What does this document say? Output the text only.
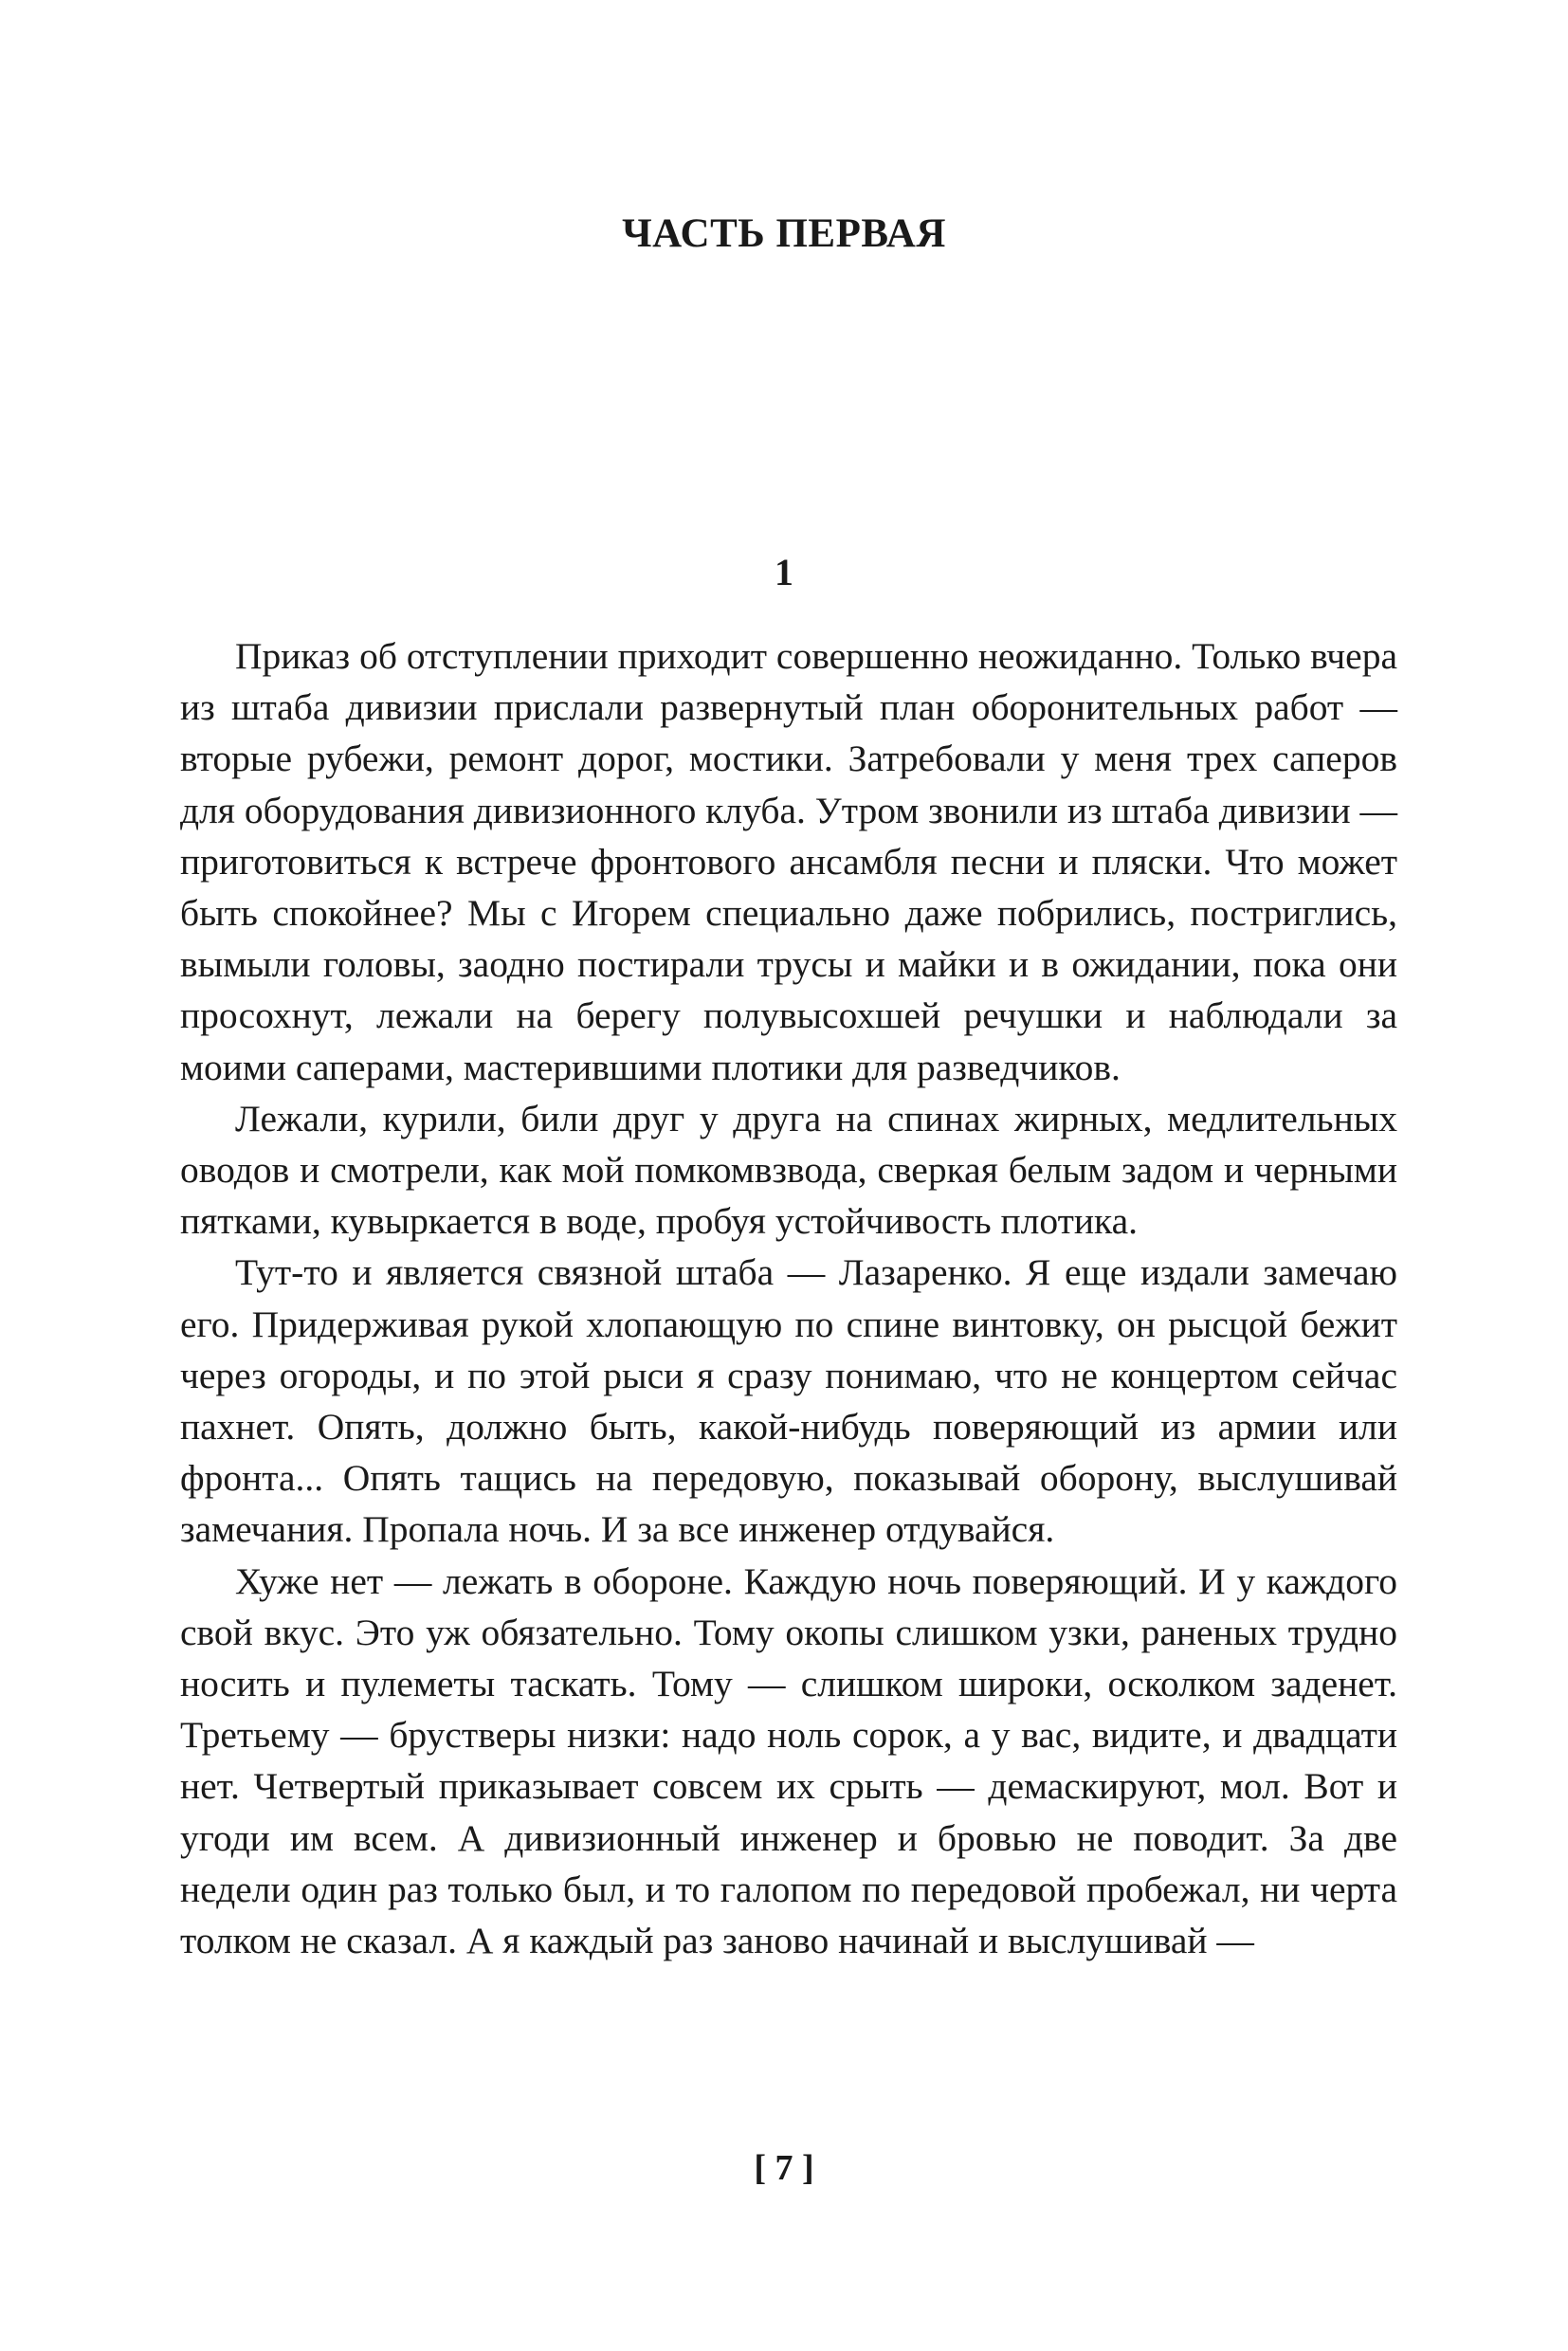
ЧАСТЬ ПЕРВАЯ
1

Приказ об отступлении приходит совершенно неожиданно. Только вчера из штаба дивизии прислали развернутый план оборонительных работ — вторые рубежи, ремонт дорог, мостики. Затребовали у меня трех саперов для оборудования дивизионного клуба. Утром звонили из штаба дивизии — приготовиться к встрече фронтового ансамбля песни и пляски. Что может быть спокойнее? Мы с Игорем специально даже побрились, постриглись, вымыли головы, заодно постирали трусы и майки и в ожидании, пока они просохнут, лежали на берегу полувысохшей речушки и наблюдали за моими саперами, мастерившими плотики для разведчиков.

Лежали, курили, били друг у друга на спинах жирных, медлительных оводов и смотрели, как мой помкомвзвода, сверкая белым задом и черными пятками, кувыркается в воде, пробуя устойчивость плотика.

Тут-то и является связной штаба — Лазаренко. Я еще издали замечаю его. Придерживая рукой хлопающую по спине винтовку, он рысцой бежит через огороды, и по этой рыси я сразу понимаю, что не концертом сейчас пахнет. Опять, должно быть, какой-нибудь поверяющий из армии или фронта... Опять тащись на передовую, показывай оборону, выслушивай замечания. Пропала ночь. И за все инженер отдувайся.

Хуже нет — лежать в обороне. Каждую ночь поверяющий. И у каждого свой вкус. Это уж обязательно. Тому окопы слишком узки, раненых трудно носить и пулеметы таскать. Тому — слишком широки, осколком заденет. Третьему — брустверы низки: надо ноль сорок, а у вас, видите, и двадцати нет. Четвертый приказывает совсем их срыть — демаскируют, мол. Вот и угоди им всем. А дивизионный инженер и бровью не поводит. За две недели один раз только был, и то галопом по передовой пробежал, ни черта толком не сказал. А я каждый раз заново начинай и выслушивай —

[ 7 ]
